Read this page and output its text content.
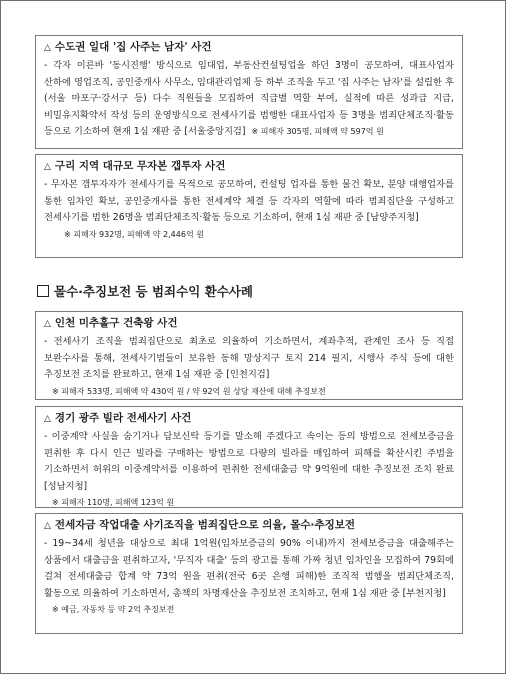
△ 수도권 일대 '집 사주는 남자' 사건
- 각자 이른바 '동시진행' 방식으로 임대업, 부동산컨설팅업을 하던 3명이 공모하여, 대표사업자 산하에 영업조직, 공인중개사 사무소, 임대관리업체 등 하부 조직을 두고 '집 사주는 남자'를 설립한 후(서울 마포구·강서구 등) 다수 직원들을 모집하여 직급별 역할 부여, 실적에 따른 성과급 지급, 비밀유지확약서 작성 등의 운영방식으로 전세사기를 범행한 대표사업자 등 3명을 범죄단체조직·활동 등으로 기소하여 현재 1심 재판 중 [서울중앙지검] ※ 피해자 305명, 피해액 약 597억 원
△ 구리 지역 대규모 무자본 갭투자 사건
- 무자본 갭투자자가 전세사기를 목적으로 공모하여, 컨설팅 업자를 통한 물건 확보, 분양 대행업자를 통한 임차인 확보, 공인중개사를 통한 전세계약 체결 등 각자의 역할에 따라 범죄집단을 구성하고 전세사기를 범한 26명을 범죄단체조직·활동 등으로 기소하여, 현재 1심 재판 중 [남양주지청]
※ 피해자 932명, 피해액 약 2,446억 원
몰수·추징보전 등 범죄수익 환수사례
△ 인천 미추홀구 건축왕 사건
- 전세사기 조직을 범죄집단으로 최초로 의율하여 기소하면서, 계좌추적, 관계인 조사 등 직접 보완수사를 통해, 전세사기범들이 보유한 동해 망상지구 토지 214 필지, 시행사 주식 등에 대한 추징보전 조치를 완료하고, 현재 1심 재판 중 [인천지검]
※ 피해자 533명, 피해액 약 430억 원 / 약 92억 원 상당 재산에 대해 추징보전
△ 경기 광주 빌라 전세사기 사건
- 이중계약 사실을 숨기거나 담보신탁 등기를 말소해 주겠다고 속이는 등의 방법으로 전세보증금을 편취한 후 다시 인근 빌라를 구매하는 방법으로 다량의 빌라를 매입하여 피해를 확산시킨 주범을 기소하면서 허위의 이중계약서를 이용하여 편취한 전세대출금 약 9억원에 대한 추징보전 조치 완료 [성남지청]
※ 피해자 110명, 피해액 123억 원
△ 전세자금 작업대출 사기조직을 범죄집단으로 의율, 몰수·추징보전
- 19~34세 청년을 대상으로 최대 1억원(임차보증금의 90% 이내)까지 전세보증금을 대출해주는 상품에서 대출금을 편취하고자, '무직자 대출' 등의 광고를 통해 가짜 청년 임차인을 모집하여 79회에 걸쳐 전세대출금 합계 약 73억 원을 편취(전국 6곳 은행 피해)한 조직적 범행을 범죄단체조직, 활동으로 의율하여 기소하면서, 총책의 차명재산을 추징보전 조치하고, 현재 1심 재판 중 [부천지청]
※ 예금, 자동차 등 약 2억 추징보전
